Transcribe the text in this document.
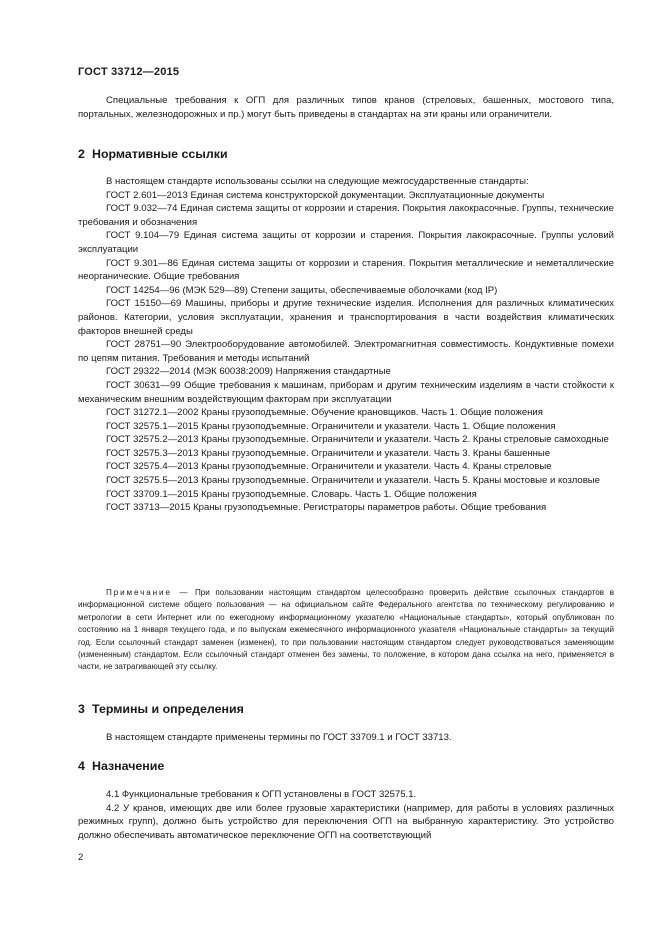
ГОСТ 33712—2015

Специальные требования к ОГП для различных типов кранов (стреловых, башенных, мостового типа, портальных, железнодорожных и пр.) могут быть приведены в стандартах на эти краны или ограничители.

2 Нормативные ссылки

В настоящем стандарте использованы ссылки на следующие межгосударственные стандарты:

ГОСТ 2.601—2013 Единая система конструкторской документации. Эксплуатационные документы

ГОСТ 9.032—74 Единая система защиты от коррозии и старения. Покрытия лакокрасочные. Группы, технические требования и обозначения

ГОСТ 9.104—79 Единая система защиты от коррозии и старения. Покрытия лакокрасочные. Группы условий эксплуатации

ГОСТ 9.301—86 Единая система защиты от коррозии и старения. Покрытия металлические и неметаллические неорганические. Общие требования

ГОСТ 14254—96 (МЭК 529—89) Степени защиты, обеспечиваемые оболочками (код IP)

ГОСТ 15150—69 Машины, приборы и другие технические изделия. Исполнения для различных климатических районов. Категории, условия эксплуатации, хранения и транспортирования в части воздействия климатических факторов внешней среды

ГОСТ 28751—90 Электрооборудование автомобилей. Электромагнитная совместимость. Кондуктивные помехи по цепям питания. Требования и методы испытаний

ГОСТ 29322—2014 (МЭК 60038:2009) Напряжения стандартные

ГОСТ 30631—99 Общие требования к машинам, приборам и другим техническим изделиям в части стойкости к механическим внешним воздействующим факторам при эксплуатации

ГОСТ 31272.1—2002 Краны грузоподъемные. Обучение крановщиков. Часть 1. Общие положения

ГОСТ 32575.1—2015 Краны грузоподъемные. Ограничители и указатели. Часть 1. Общие положения

ГОСТ 32575.2—2013 Краны грузоподъемные. Ограничители и указатели. Часть 2. Краны стреловые самоходные

ГОСТ 32575.3—2013 Краны грузоподъемные. Ограничители и указатели. Часть 3. Краны башенные

ГОСТ 32575.4—2013 Краны грузоподъемные. Ограничители и указатели. Часть 4. Краны стреловые

ГОСТ 32575.5—2013 Краны грузоподъемные. Ограничители и указатели. Часть 5. Краны мостовые и козловые

ГОСТ 33709.1—2015 Краны грузоподъемные. Словарь. Часть 1. Общие положения

ГОСТ 33713—2015 Краны грузоподъемные. Регистраторы параметров работы. Общие требования

Примечание — При пользовании настоящим стандартом целесообразно проверить действие ссылочных стандартов в информационной системе общего пользования — на официальном сайте Федерального агентства по техническому регулированию и метрологии в сети Интернет или по ежегодному информационному указателю «Национальные стандарты», который опубликован по состоянию на 1 января текущего года, и по выпускам ежемесячного информационного указателя «Национальные стандарты» за текущий год. Если ссылочный стандарт заменен (изменен), то при пользовании настоящим стандартом следует руководствоваться заменяющим (измененным) стандартом. Если ссылочный стандарт отменен без замены, то положение, в котором дана ссылка на него, применяется в части, не затрагивающей эту ссылку.

3 Термины и определения

В настоящем стандарте применены термины по ГОСТ 33709.1 и ГОСТ 33713.

4 Назначение

4.1 Функциональные требования к ОГП установлены в ГОСТ 32575.1.

4.2 У кранов, имеющих две или более грузовые характеристики (например, для работы в условиях различных режимных групп), должно быть устройство для переключения ОГП на выбранную характеристику. Это устройство должно обеспечивать автоматическое переключение ОГП на соответствующий

2
